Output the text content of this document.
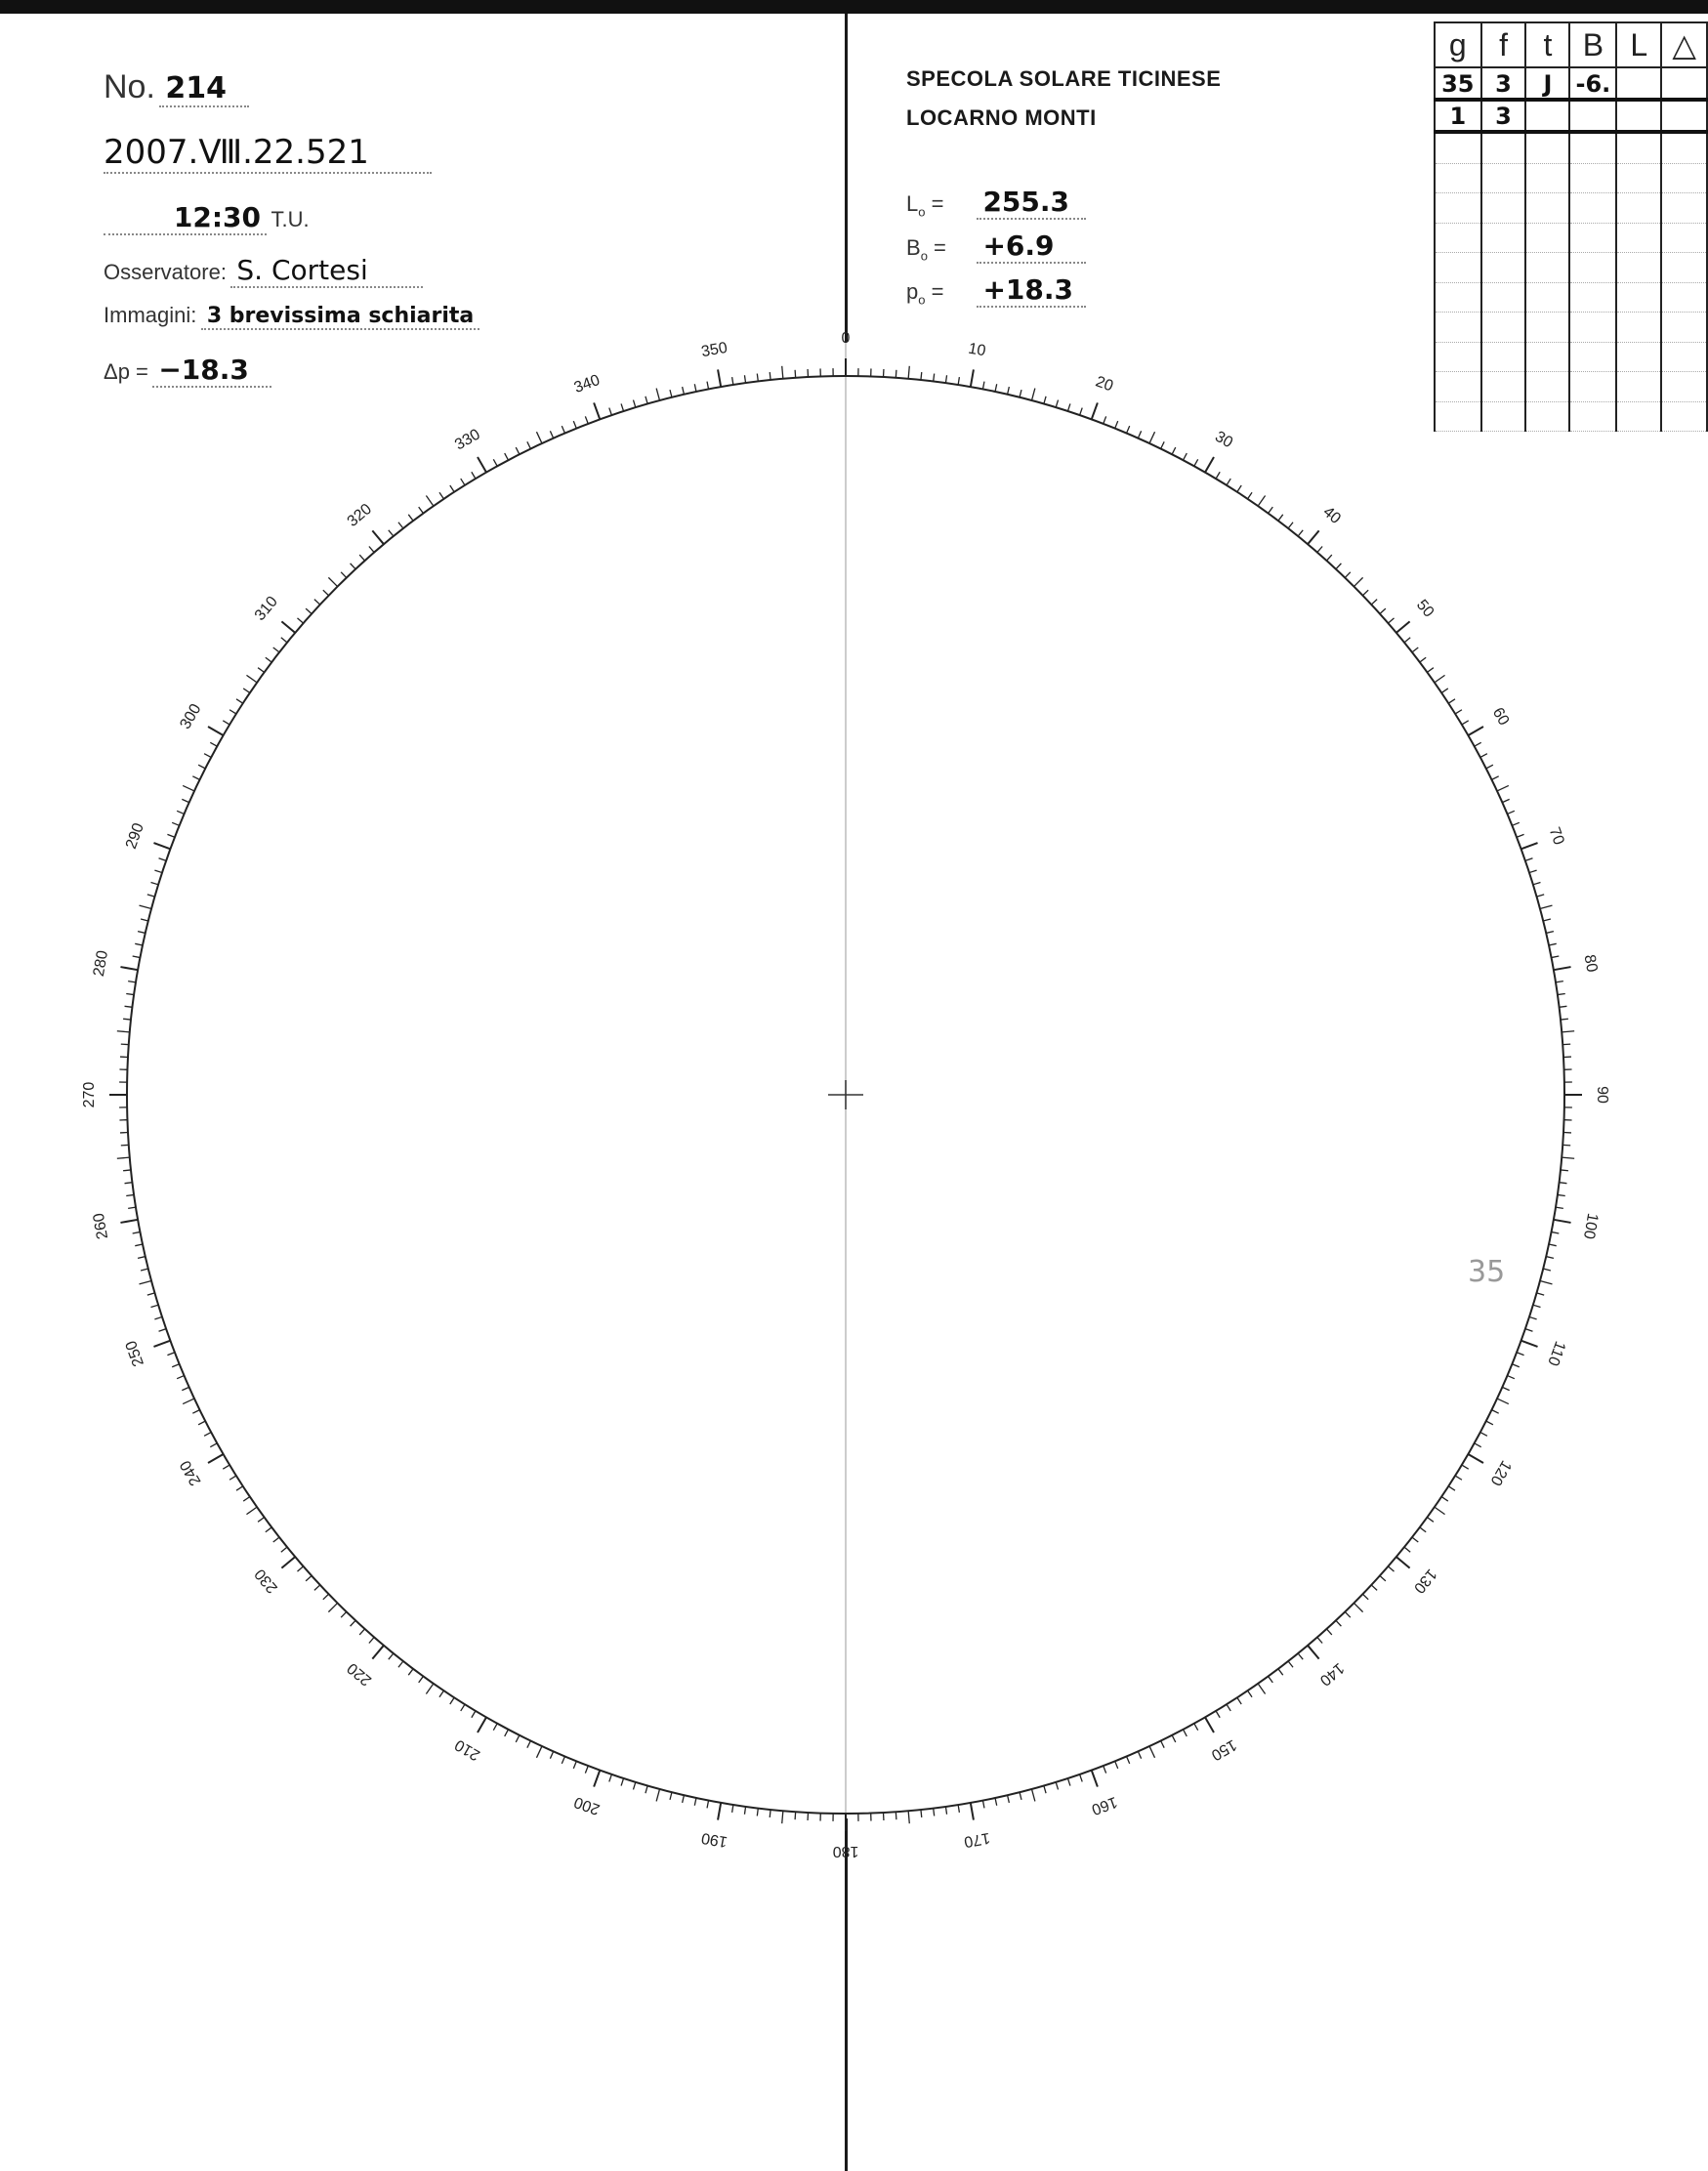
No. 214
2007.Ⅷ.22.521
12:30 T.U.
Osservatore: S. Cortesi
Immagini: 3 brevissima schiarita
Δp = −18.3
SPECOLA SOLARE TICINESE
LOCARNO MONTI
$L_o = 255.3$
$B_o = +6.9$
$p_o = +18.3$
g	f	t	B	L	△
35	3	J	-6.		
1	3				

0
10
20
30
40
50
60
70
80
90
100
110
120
130
140
150
160
170
180
190
200
210
220
230
240
250
260
270
280
290
300
310
320
330
340
350
35
